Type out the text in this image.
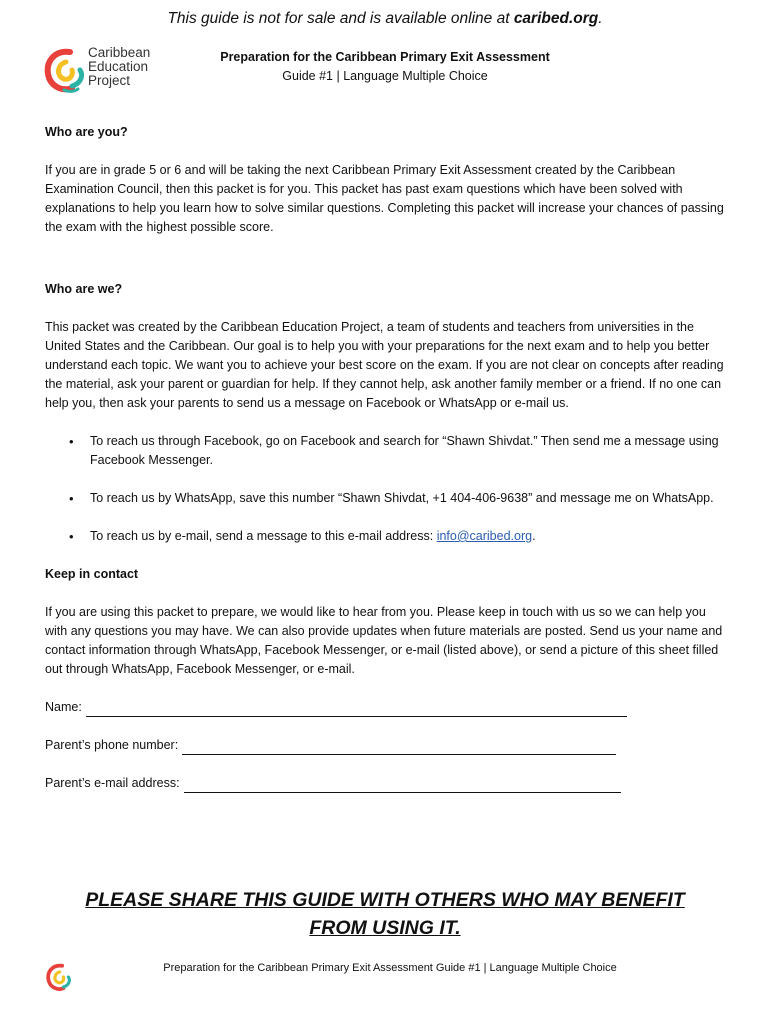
This guide is not for sale and is available online at caribed.org.
Caribbean
Education
Project
Preparation for the Caribbean Primary Exit Assessment
Guide #1 | Language Multiple Choice

Who are you?

If you are in grade 5 or 6 and will be taking the next Caribbean Primary Exit Assessment created by the Caribbean Examination Council, then this packet is for you. This packet has past exam questions which have been solved with explanations to help you learn how to solve similar questions. Completing this packet will increase your chances of passing the exam with the highest possible score.

Who are we?

This packet was created by the Caribbean Education Project, a team of students and teachers from universities in the United States and the Caribbean. Our goal is to help you with your preparations for the next exam and to help you better understand each topic. We want you to achieve your best score on the exam. If you are not clear on concepts after reading the material, ask your parent or guardian for help. If they cannot help, ask another family member or a friend. If no one can help you, then ask your parents to send us a message on Facebook or WhatsApp or e-mail us.

• To reach us through Facebook, go on Facebook and search for “Shawn Shivdat.” Then send me a message using Facebook Messenger.
• To reach us by WhatsApp, save this number “Shawn Shivdat, +1 404-406-9638” and message me on WhatsApp.
• To reach us by e-mail, send a message to this e-mail address: info@caribed.org.

Keep in contact

If you are using this packet to prepare, we would like to hear from you. Please keep in touch with us so we can help you with any questions you may have. We can also provide updates when future materials are posted. Send us your name and contact information through WhatsApp, Facebook Messenger, or e-mail (listed above), or send a picture of this sheet filled out through WhatsApp, Facebook Messenger, or e-mail.

Name:
Parent’s phone number:
Parent’s e-mail address:
PLEASE SHARE THIS GUIDE WITH OTHERS WHO MAY BENEFIT
FROM USING IT.
Preparation for the Caribbean Primary Exit Assessment Guide #1 | Language Multiple Choice
